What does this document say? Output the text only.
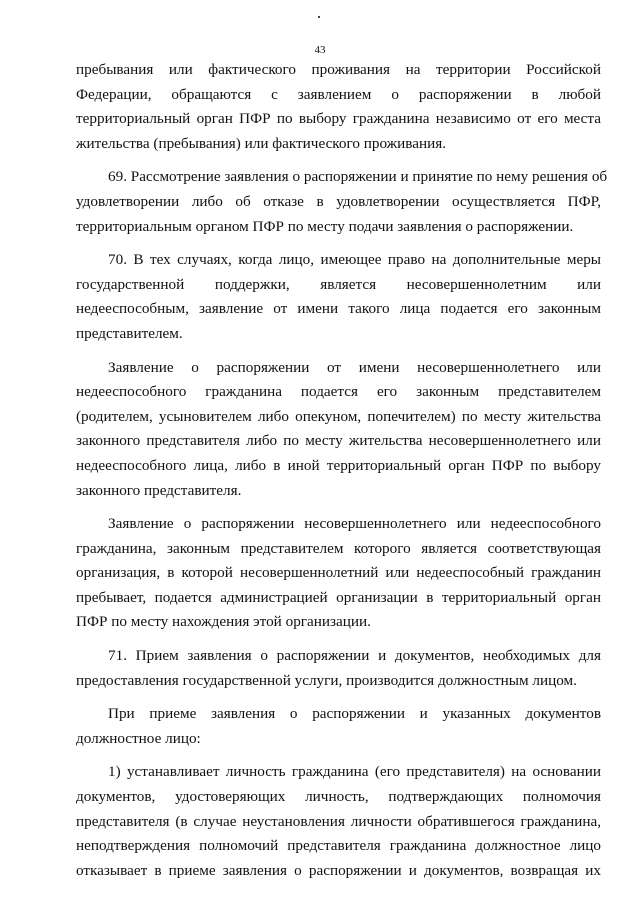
43
пребывания или фактического проживания на территории Российской
Федерации, обращаются с заявлением о распоряжении в любой
территориальный орган ПФР по выбору гражданина независимо от его места
жительства (пребывания) или фактического проживания.
69. Рассмотрение заявления о распоряжении и принятие по нему решения об
удовлетворении либо об отказе в удовлетворении осуществляется ПФР,
территориальным органом ПФР по месту подачи заявления о распоряжении.
70. В тех случаях, когда лицо, имеющее право на дополнительные меры
государственной поддержки, является несовершеннолетним или
недееспособным, заявление от имени такого лица подается его законным
представителем.
Заявление о распоряжении от имени несовершеннолетнего или
недееспособного гражданина подается его законным представителем
(родителем, усыновителем либо опекуном, попечителем) по месту жительства
законного представителя либо по месту жительства несовершеннолетнего или
недееспособного лица, либо в иной территориальный орган ПФР по выбору
законного представителя.
Заявление о распоряжении несовершеннолетнего или недееспособного
гражданина, законным представителем которого является соответствующая
организация, в которой несовершеннолетний или недееспособный гражданин
пребывает, подается администрацией организации в территориальный орган
ПФР по месту нахождения этой организации.
71. Прием заявления о распоряжении и документов, необходимых для
предоставления государственной услуги, производится должностным лицом.
При приеме заявления о распоряжении и указанных документов
должностное лицо:
1) устанавливает личность гражданина (его представителя) на основании
документов, удостоверяющих личность, подтверждающих полномочия
представителя (в случае неустановления личности обратившегося гражданина,
неподтверждения полномочий представителя гражданина должностное лицо
отказывает в приеме заявления о распоряжении и документов, возвращая их
